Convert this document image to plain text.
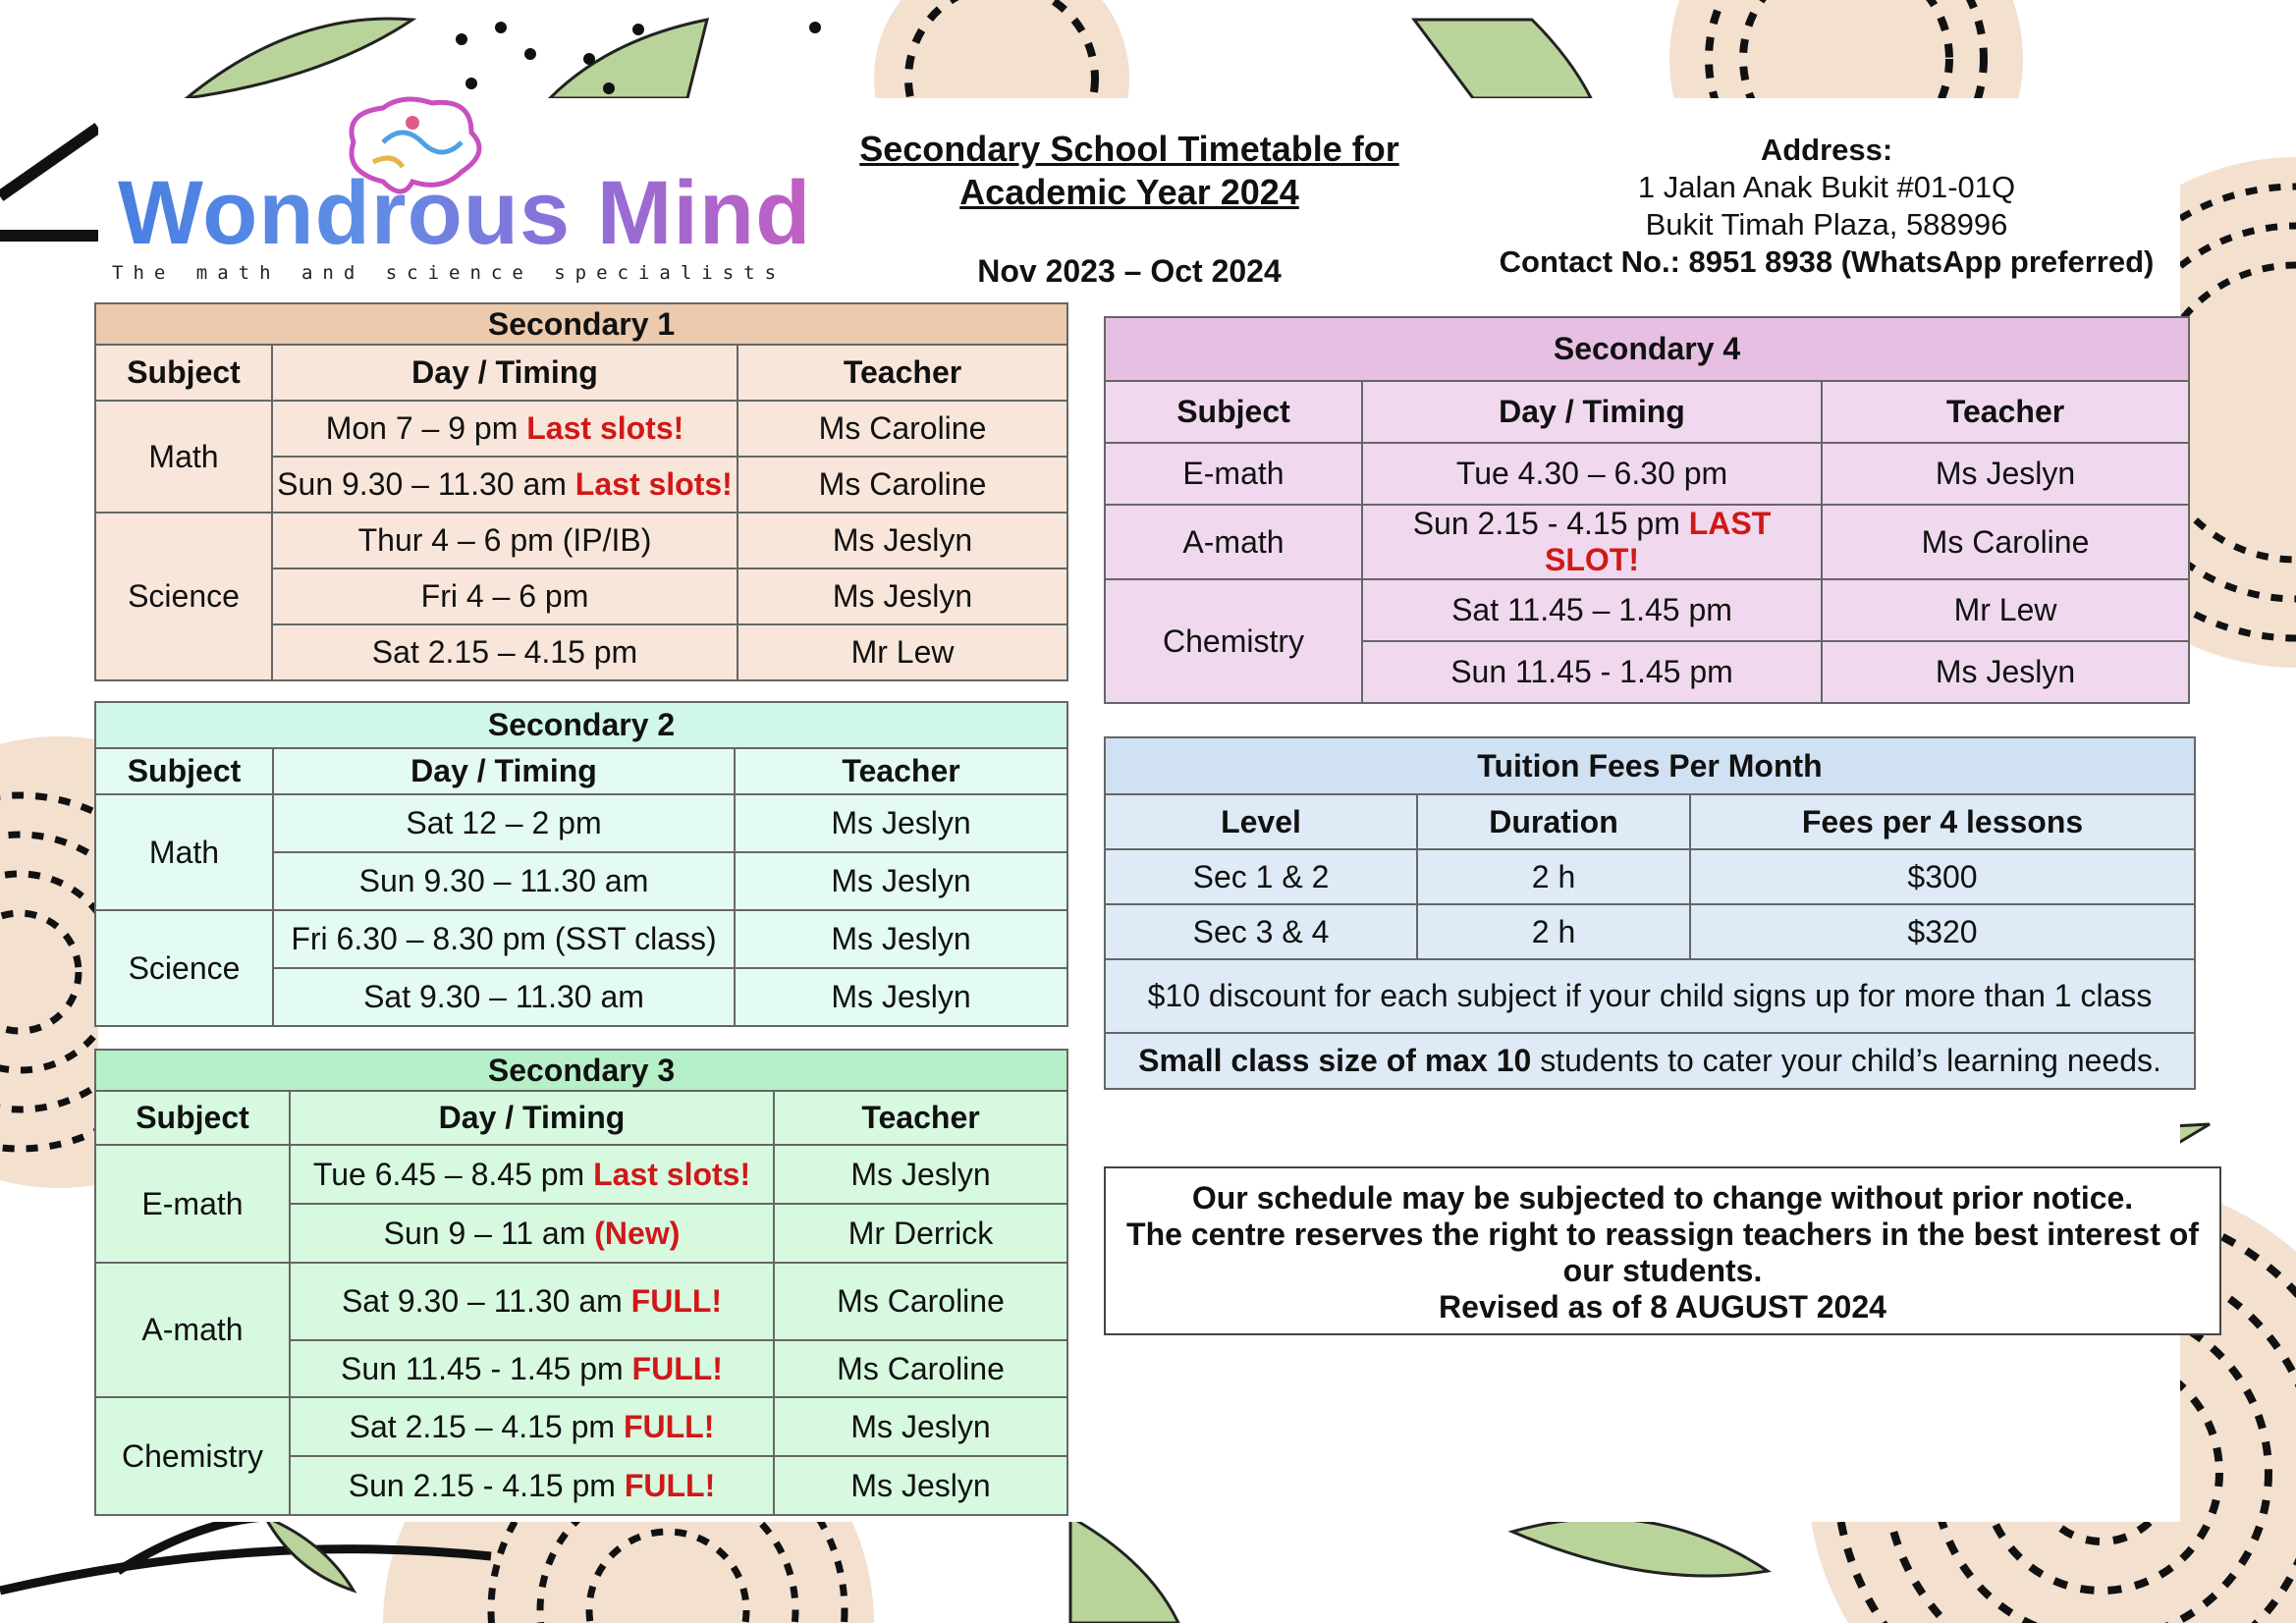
Wondrous Mind
The math and science specialists
Secondary School Timetable for
Academic Year 2024
Nov 2023 – Oct 2024
Address:
1 Jalan Anak Bukit #01-01Q
Bukit Timah Plaza, 588996
Contact No.: 8951 8938 (WhatsApp preferred)
Secondary 1		
Subject	Day / Timing	Teacher
Math	Mon 7 – 9 pm Last slots!	Ms Caroline
	Sun 9.30 – 11.30 am Last slots!	Ms Caroline
Science	Thur 4 – 6 pm (IP/IB)	Ms Jeslyn
	Fri 4 – 6 pm	Ms Jeslyn
	Sat 2.15 – 4.15 pm	Mr Lew
Secondary 2		
Subject	Day / Timing	Teacher
Math	Sat 12 – 2 pm	Ms Jeslyn
	Sun 9.30 – 11.30 am	Ms Jeslyn
Science	Fri 6.30 – 8.30 pm (SST class)	Ms Jeslyn
	Sat 9.30 – 11.30 am	Ms Jeslyn
Secondary 3		
Subject	Day / Timing	Teacher
E-math	Tue 6.45 – 8.45 pm Last slots!	Ms Jeslyn
	Sun 9 – 11 am (New)	Mr Derrick
A-math	Sat 9.30 – 11.30 am FULL!	Ms Caroline
	Sun 11.45 - 1.45 pm FULL!	Ms Caroline
Chemistry	Sat 2.15 – 4.15 pm FULL!	Ms Jeslyn
	Sun 2.15 - 4.15 pm FULL!	Ms Jeslyn
Secondary 4		
Subject	Day / Timing	Teacher
E-math	Tue 4.30 – 6.30 pm	Ms Jeslyn
A-math	Sun 2.15 - 4.15 pm LAST SLOT!	Ms Caroline
Chemistry	Sat 11.45 – 1.45 pm	Mr Lew
	Sun 11.45 - 1.45 pm	Ms Jeslyn
Tuition Fees Per Month		
Level	Duration	Fees per 4 lessons
Sec 1 & 2	2 h	$300
Sec 3 & 4	2 h	$320
$10 discount for each subject if your child signs up for more than 1 class		
Small class size of max 10 students to cater your child’s learning needs.		
Our schedule may be subjected to change without prior notice.
The centre reserves the right to reassign teachers in the best interest of our students.
Revised as of 8 AUGUST 2024
